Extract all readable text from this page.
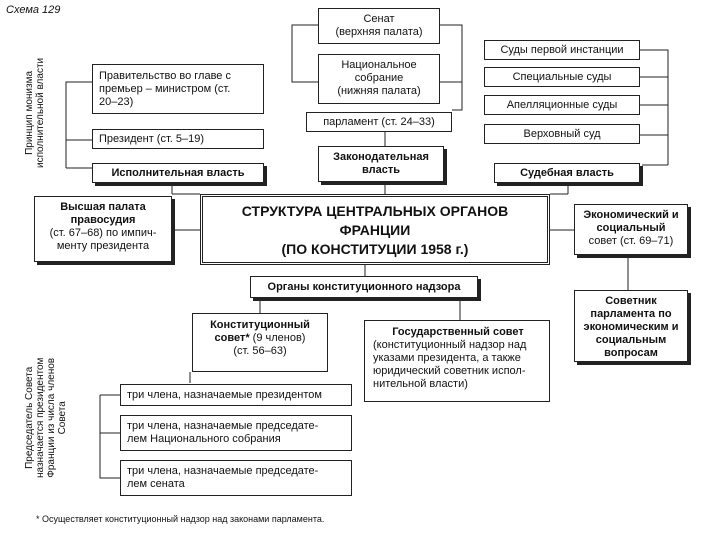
Схема 129
Принцип монизма исполнительной власти
Председатель Совета назначается президентом Франции из числа членов Совета
Сенат
(верхняя палата)
Национальное
собрание
(нижняя палата)
парламент (ст. 24–33)
Законодательная
власть
Правительство во главе с
премьер – министром (ст.
20–23)
Президент (ст. 5–19)
Исполнительная власть
Суды первой инстанции
Специальные суды
Апелляционные суды
Верховный суд
Судебная власть
Высшая палата
правосудия
(ст. 67–68) по импич-
менту президента
СТРУКТУРА ЦЕНТРАЛЬНЫХ ОРГАНОВ
ФРАНЦИИ
(ПО КОНСТИТУЦИИ 1958 г.)
Экономический и
социальный
совет (ст. 69–71)
Советник
парламента по
экономическим и
социальным
вопросам
Органы конституционного надзора
Конституционный
совет* (9 членов)
(ст. 56–63)
Государственный совет
(конституционный надзор над
указами президента, а также
юридический советник испол-
нительной власти)
три члена, назначаемые президентом
три члена, назначаемые председате-
лем Национального собрания
три члена, назначаемые председате-
лем сената
* Осуществляет конституционный надзор над законами парламента.
